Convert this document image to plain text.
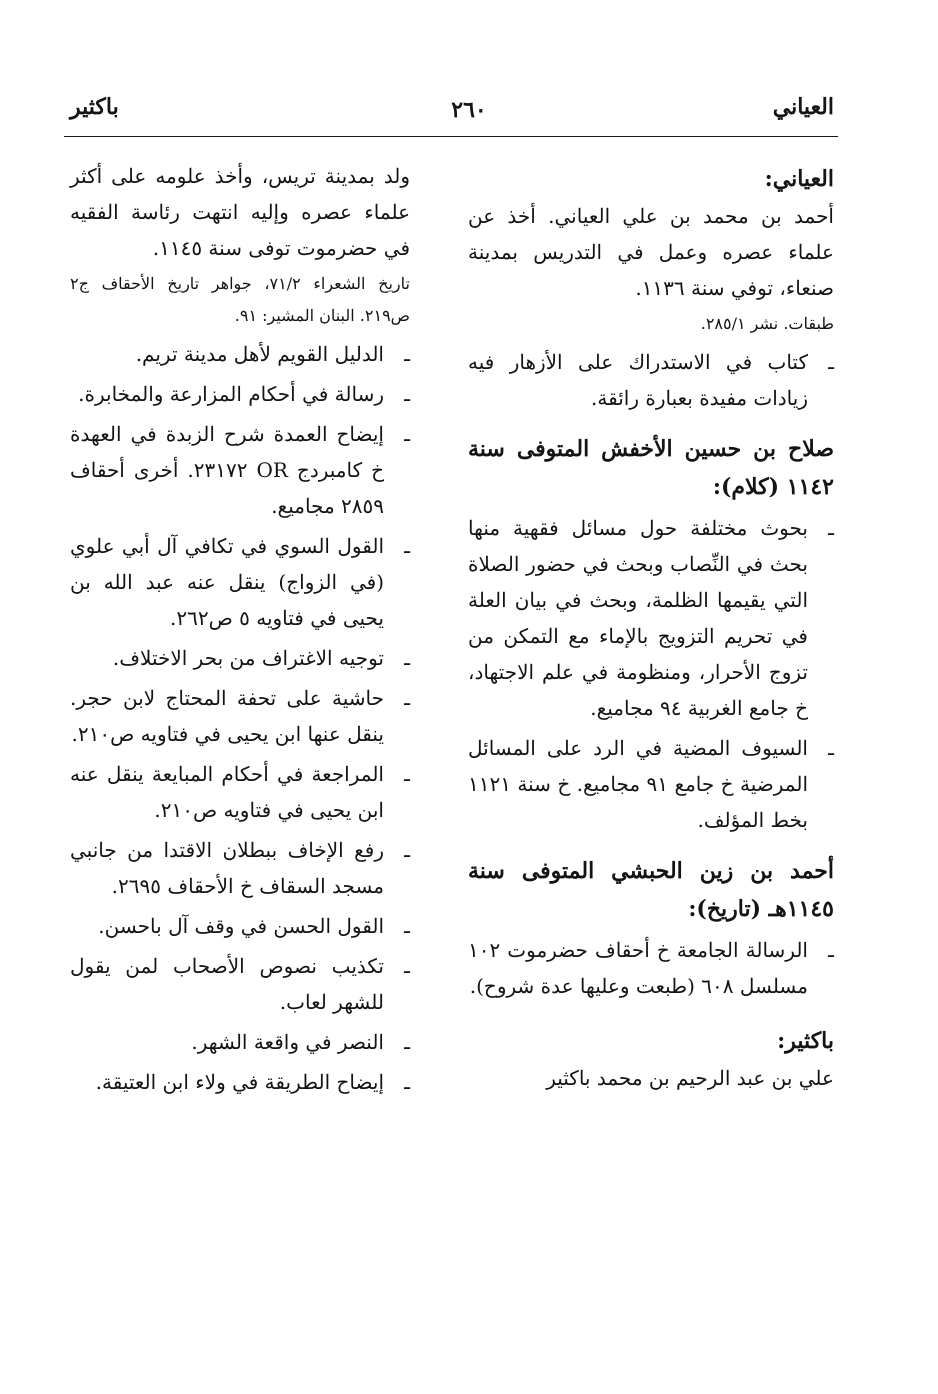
العياني
٢٦٠
باكثير
العياني:

أحمد بن محمد بن علي العياني. أخذ عن علماء عصره وعمل في التدريس بمدينة صنعاء، توفي سنة ١١٣٦.

طبقات. نشر ٢٨٥/١.

ـ
كتاب في الاستدراك على الأزهار فيه زيادات مفيدة بعبارة رائقة.
صلاح بن حسين الأخفش المتوفى سنة ١١٤٢ (كلام):
ـ
بحوث مختلفة حول مسائل فقهية منها بحث في النِّصاب وبحث في حضور الصلاة التي يقيمها الظلمة، وبحث في بيان العلة في تحريم التزويج بالإماء مع التمكن من تزوج الأحرار، ومنظومة في علم الاجتهاد، خ جامع الغربية ٩٤ مجاميع.
ـ
السيوف المضية في الرد على المسائل المرضية خ جامع ٩١ مجاميع. خ سنة ١١٢١ بخط المؤلف.
أحمد بن زين الحبشي المتوفى سنة ١١٤٥هـ (تاريخ):
ـ
الرسالة الجامعة خ أحقاف حضرموت ١٠٢ مسلسل ٦٠٨ (طبعت وعليها عدة شروح).
باكثير:

علي بن عبد الرحيم بن محمد باكثير

ولد بمدينة تريس، وأخذ علومه على أكثر علماء عصره وإليه انتهت رئاسة الفقيه في حضرموت توفى سنة ١١٤٥.

تاريخ الشعراء ٧١/٢، جواهر تاريخ الأحقاف ج٢ ص٢١٩. البنان المشير: ٩١.

ـ
الدليل القويم لأهل مدينة تريم.
ـ
رسالة في أحكام المزارعة والمخابرة.
ـ
إيضاح العمدة شرح الزبدة في العهدة خ كامبردج OR ٢٣١٧٢. أخرى أحقاف ٢٨٥٩ مجاميع.
ـ
القول السوي في تكافي آل أبي علوي (في الزواج) ينقل عنه عبد الله بن يحيى في فتاويه ٥ ص٢٦٢.
ـ
توجيه الاغتراف من بحر الاختلاف.
ـ
حاشية على تحفة المحتاج لابن حجر. ينقل عنها ابن يحيى في فتاويه ص٢١٠.
ـ
المراجعة في أحكام المبايعة ينقل عنه ابن يحيى في فتاويه ص٢١٠.
ـ
رفع الإخاف ببطلان الاقتدا من جانبي مسجد السقاف خ الأحقاف ٢٦٩٥.
ـ
القول الحسن في وقف آل باحسن.
ـ
تكذيب نصوص الأصحاب لمن يقول للشهر لعاب.
ـ
النصر في واقعة الشهر.
ـ
إيضاح الطريقة في ولاء ابن العتيقة.
